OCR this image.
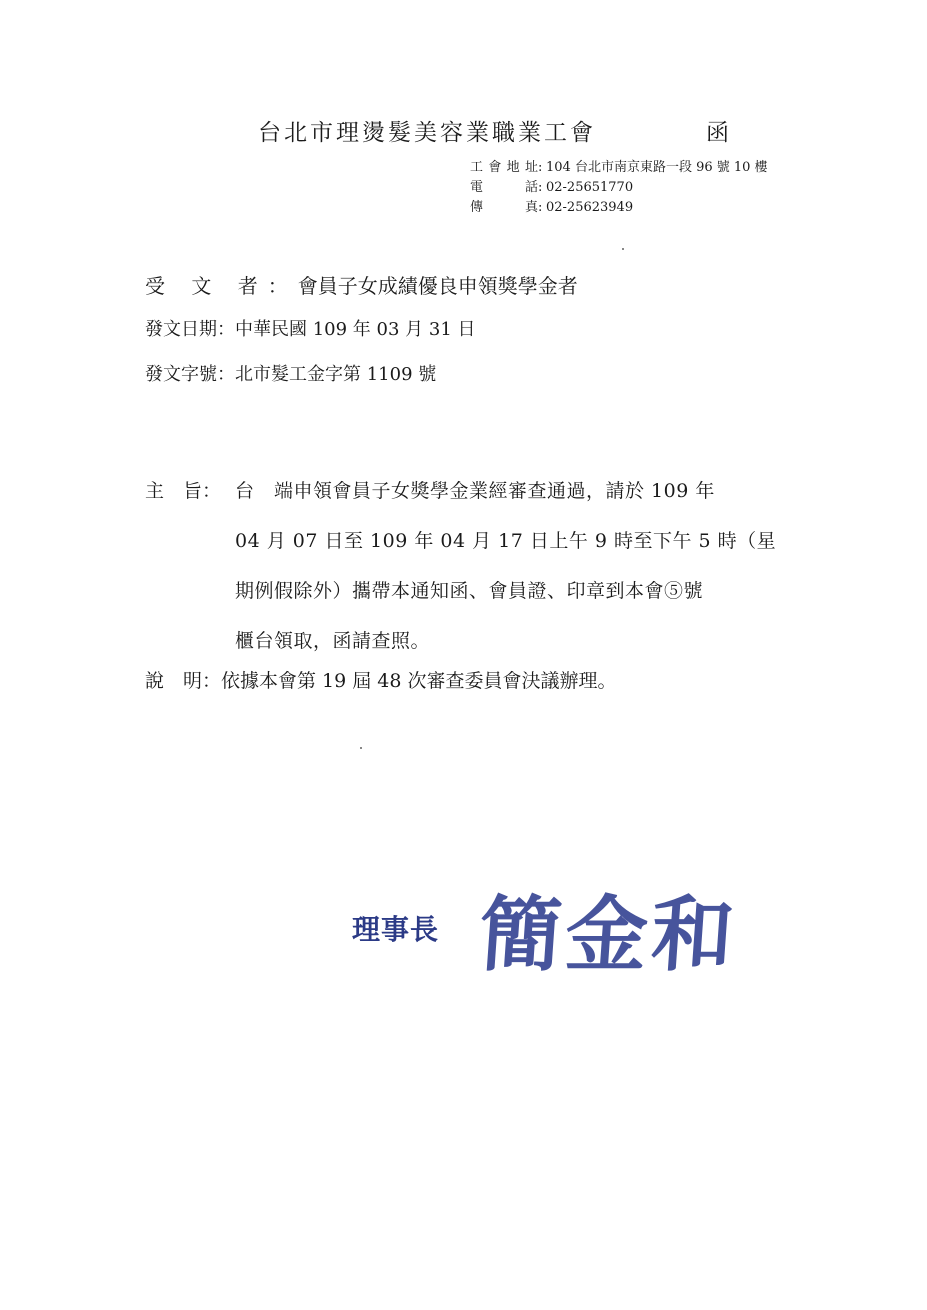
台北市理燙髮美容業職業工會	函
工會地址 : 104 台北市南京東路一段 96 號 10 樓
電　　話 : 02-25651770
傳　　真 : 02-25623949
受 文 者：會員子女成績優良申領獎學金者
發文日期：中華民國 109 年 03 月 31 日
發文字號：北市髮工金字第 1109 號
主　旨： 台　端申領會員子女獎學金業經審查通過，請於 109 年
04 月 07 日至 109 年 04 月 17 日上午 9 時至下午 5 時（星
期例假除外）攜帶本通知函、會員證、印章到本會⑤號
櫃台領取，函請查照。
說　明：依據本會第 19 屆 48 次審查委員會決議辦理。
理事長 簡金和
